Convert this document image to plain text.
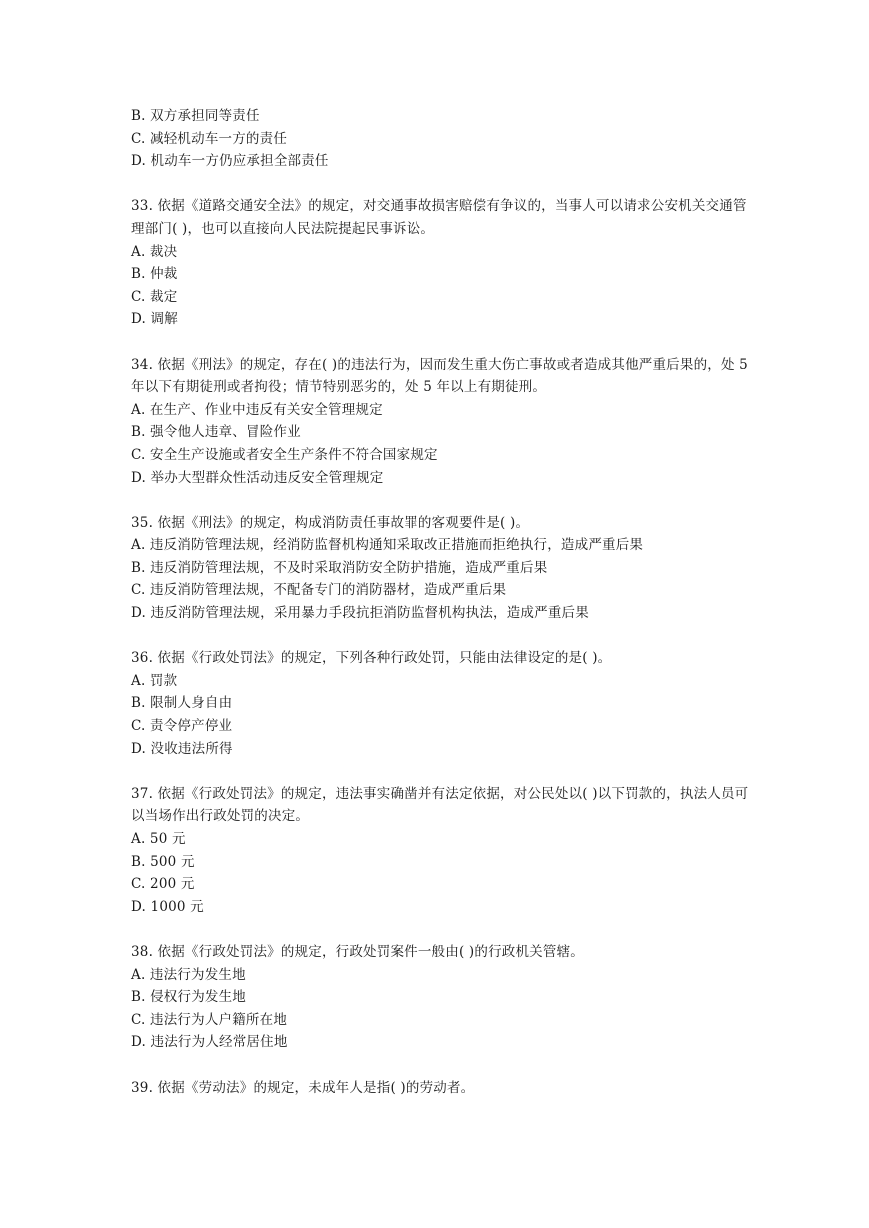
B. 双方承担同等责任
C. 减轻机动车一方的责任
D. 机动车一方仍应承担全部责任
33. 依据《道路交通安全法》的规定，对交通事故损害赔偿有争议的，当事人可以请求公安机关交通管理部门( )，也可以直接向人民法院提起民事诉讼。
A. 裁决
B. 仲裁
C. 裁定
D. 调解
34. 依据《刑法》的规定，存在( )的违法行为，因而发生重大伤亡事故或者造成其他严重后果的，处 5 年以下有期徒刑或者拘役；情节特别恶劣的，处 5 年以上有期徒刑。
A. 在生产、作业中违反有关安全管理规定
B. 强令他人违章、冒险作业
C. 安全生产设施或者安全生产条件不符合国家规定
D. 举办大型群众性活动违反安全管理规定
35. 依据《刑法》的规定，构成消防责任事故罪的客观要件是( )。
A. 违反消防管理法规，经消防监督机构通知采取改正措施而拒绝执行，造成严重后果
B. 违反消防管理法规，不及时采取消防安全防护措施，造成严重后果
C. 违反消防管理法规，不配备专门的消防器材，造成严重后果
D. 违反消防管理法规，采用暴力手段抗拒消防监督机构执法，造成严重后果
36. 依据《行政处罚法》的规定，下列各种行政处罚，只能由法律设定的是( )。
A. 罚款
B. 限制人身自由
C. 责令停产停业
D. 没收违法所得
37. 依据《行政处罚法》的规定，违法事实确凿并有法定依据，对公民处以( )以下罚款的，执法人员可以当场作出行政处罚的决定。
A. 50 元
B. 500 元
C. 200 元
D. 1000 元
38. 依据《行政处罚法》的规定，行政处罚案件一般由( )的行政机关管辖。
A. 违法行为发生地
B. 侵权行为发生地
C. 违法行为人户籍所在地
D. 违法行为人经常居住地
39. 依据《劳动法》的规定，未成年人是指( )的劳动者。
